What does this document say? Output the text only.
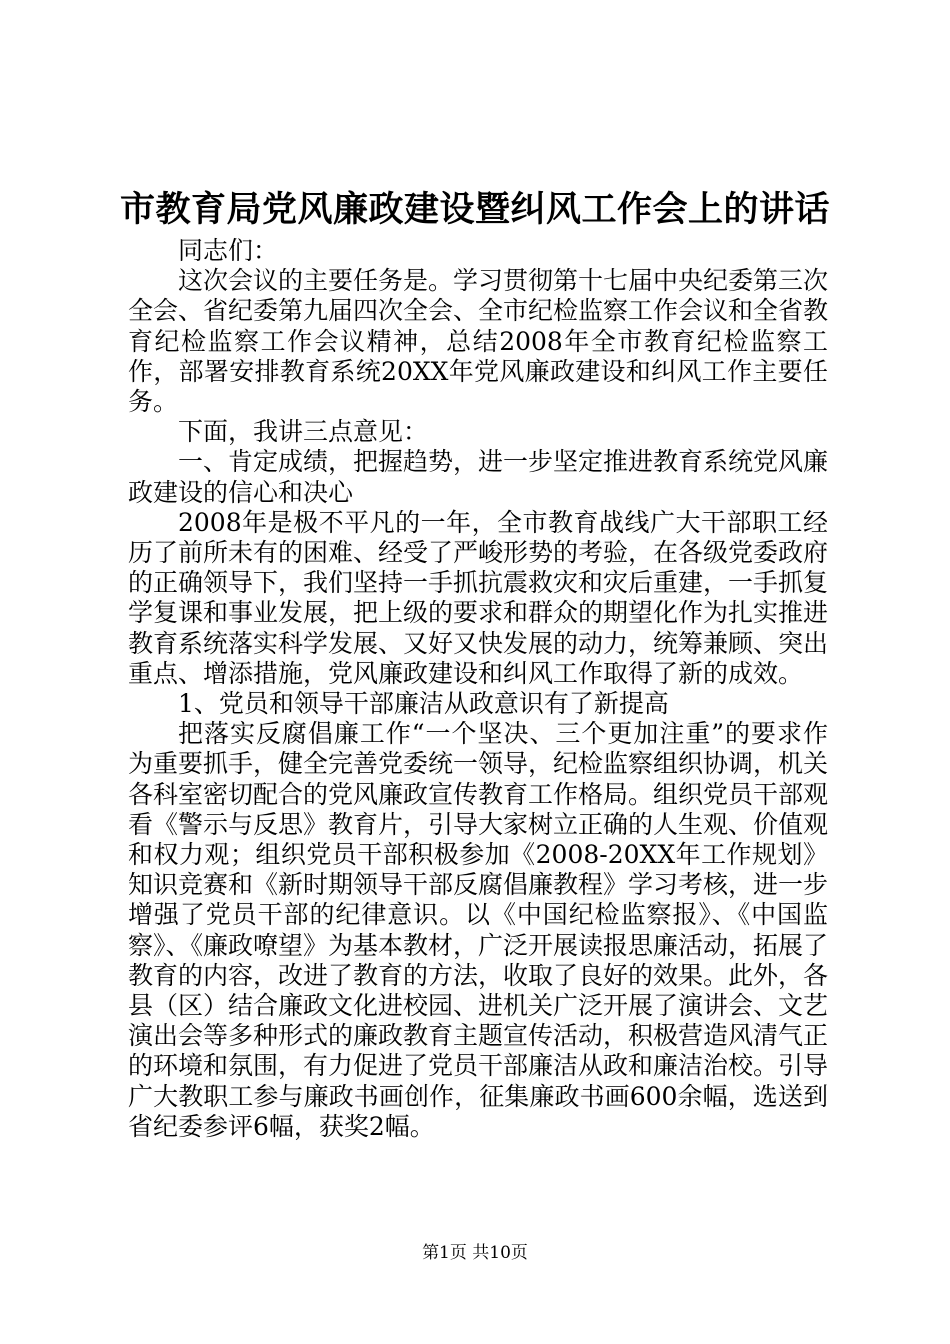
市教育局党风廉政建设暨纠风工作会上的讲话

同志们：

这次会议的主要任务是。学习贯彻第十七届中央纪委第三次全会、省纪委第九届四次全会、全市纪检监察工作会议和全省教育纪检监察工作会议精神，总结2008年全市教育纪检监察工作，部署安排教育系统20XX年党风廉政建设和纠风工作主要任务。

下面，我讲三点意见：

一、肯定成绩，把握趋势，进一步坚定推进教育系统党风廉政建设的信心和决心

2008年是极不平凡的一年，全市教育战线广大干部职工经历了前所未有的困难、经受了严峻形势的考验，在各级党委政府的正确领导下，我们坚持一手抓抗震救灾和灾后重建，一手抓复学复课和事业发展，把上级的要求和群众的期望化作为扎实推进教育系统落实科学发展、又好又快发展的动力，统筹兼顾、突出重点、增添措施，党风廉政建设和纠风工作取得了新的成效。

1、党员和领导干部廉洁从政意识有了新提高

把落实反腐倡廉工作“一个坚决、三个更加注重”的要求作为重要抓手，健全完善党委统一领导，纪检监察组织协调，机关各科室密切配合的党风廉政宣传教育工作格局。组织党员干部观看《警示与反思》教育片，引导大家树立正确的人生观、价值观和权力观；组织党员干部积极参加《2008-20XX年工作规划》知识竞赛和《新时期领导干部反腐倡廉教程》学习考核，进一步增强了党员干部的纪律意识。以《中国纪检监察报》、《中国监察》、《廉政嘹望》为基本教材，广泛开展读报思廉活动，拓展了教育的内容，改进了教育的方法，收取了良好的效果。此外，各县（区）结合廉政文化进校园、进机关广泛开展了演讲会、文艺演出会等多种形式的廉政教育主题宣传活动，积极营造风清气正的环境和氛围，有力促进了党员干部廉洁从政和廉洁治校。引导广大教职工参与廉政书画创作，征集廉政书画600余幅，选送到省纪委参评6幅，获奖2幅。

第1页 共10页
